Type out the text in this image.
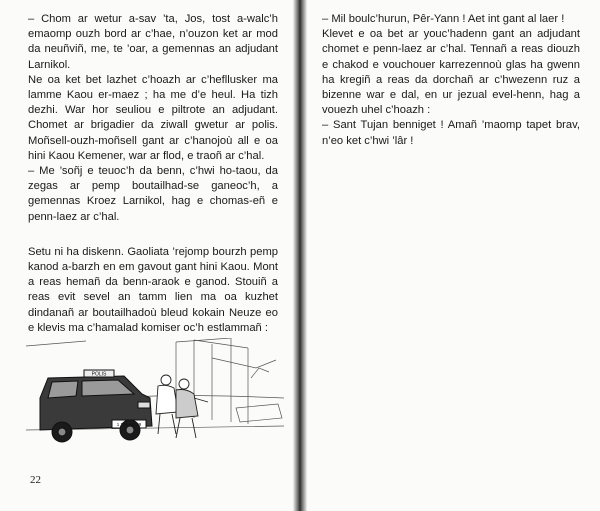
– Chom ar wetur a-sav ’ta, Jos, tost a-walc’h emaomp ouzh bord ar c’hae, n’ouzon ket ar mod da neuñviñ, me, te ’oar, a gemennas an adjudant Larnikol.

Ne oa ket bet lazhet c’hoazh ar c’hefllusker ma lamme Kaou er-maez ; ha me d’e heul. Ha tizh dezhi. War hor seuliou e piltrote an adjudant. Chomet ar brigadier da ziwall gwetur ar polis. Moñsell-ouzh-moñsell gant ar c’hanojoù all e oa hini Kaou Kemener, war ar flod, e traoñ ar c’hal.

– Me ’soñj e teuoc’h da benn, c’hwi ho-taou, da zegas ar pemp boutailhad-se ganeoc’h, a gemennas Kroez Larnikol, hag e chomas-eñ e penn-laez ar c’hal.

Setu ni ha diskenn. Gaoliata ’rejomp bourzh pemp kanod a-barzh en em gavout gant hini Kaou. Mont a reas hemañ da benn-araok e ganod. Stouiñ a reas evit sevel an tamm lien ma oa kuzhet dindanañ ar boutailhadoù bleud kokain Neuze eo e klevis ma c’hamalad komiser oc’h estlammañ :

POLIS
1 100 AB 29
22

– Mil boulc’hurun, Pêr-Yann ! Aet int gant al laer !

Klevet e oa bet ar youc’hadenn gant an adjudant chomet e penn-laez ar c’hal. Tennañ a reas diouzh e chakod e vouchouer karrezennoù glas ha gwenn ha kregiñ a reas da dorchañ ar c’hwezenn ruz a bizenne war e dal, en ur jezual evel-henn, hag a vouezh uhel c’hoazh :

– Sant Tujan benniget ! Amañ ’maomp tapet brav, n’eo ket c’hwi ’lâr !
